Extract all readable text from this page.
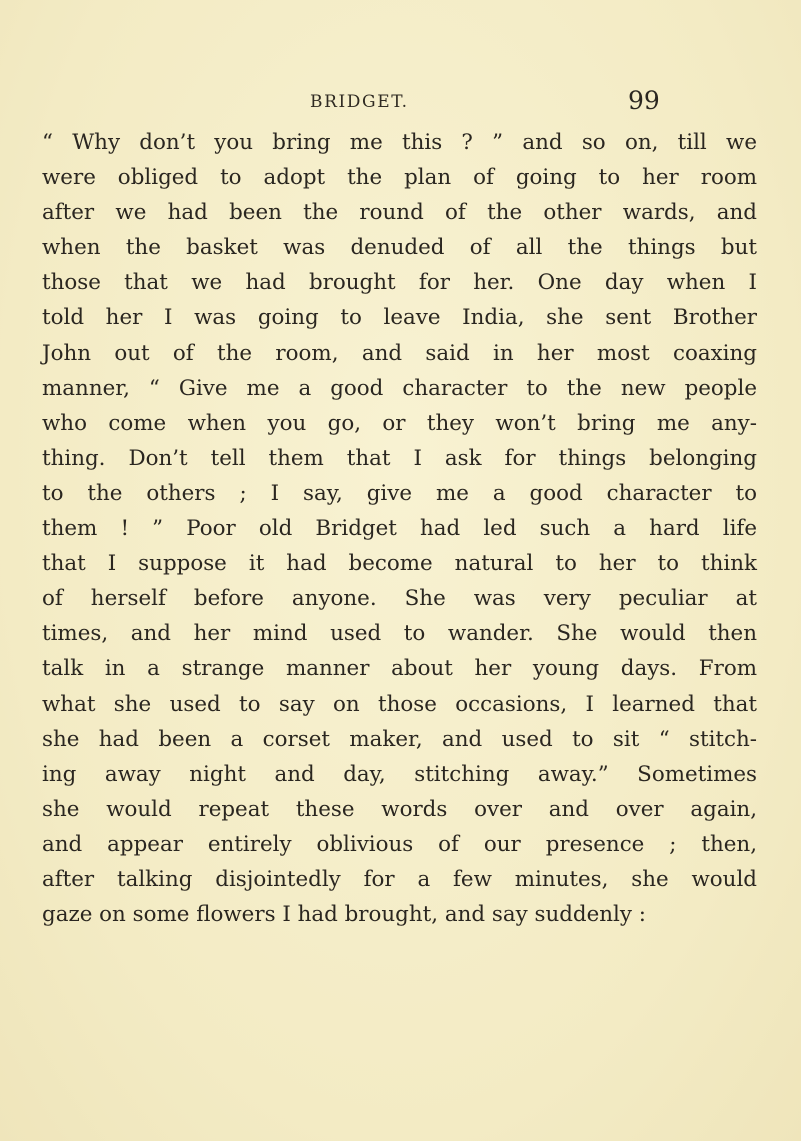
BRIDGET.	99
“ Why don’t you bring me this ? ” and so on, till we
were obliged to adopt the plan of going to her room
after we had been the round of the other wards, and
when the basket was denuded of all the things but
those that we had brought for her. One day when I
told her I was going to leave India, she sent Brother
John out of the room, and said in her most coaxing
manner, “ Give me a good character to the new people
who come when you go, or they won’t bring me any-
thing. Don’t tell them that I ask for things belonging
to the others ; I say, give me a good character to
them ! ” Poor old Bridget had led such a hard life
that I suppose it had become natural to her to think
of herself before anyone. She was very peculiar at
times, and her mind used to wander. She would then
talk in a strange manner about her young days. From
what she used to say on those occasions, I learned that
she had been a corset maker, and used to sit “ stitch-
ing away night and day, stitching away.” Sometimes
she would repeat these words over and over again,
and appear entirely oblivious of our presence ; then,
after talking disjointedly for a few minutes, she would
gaze on some flowers I had brought, and say suddenly :
